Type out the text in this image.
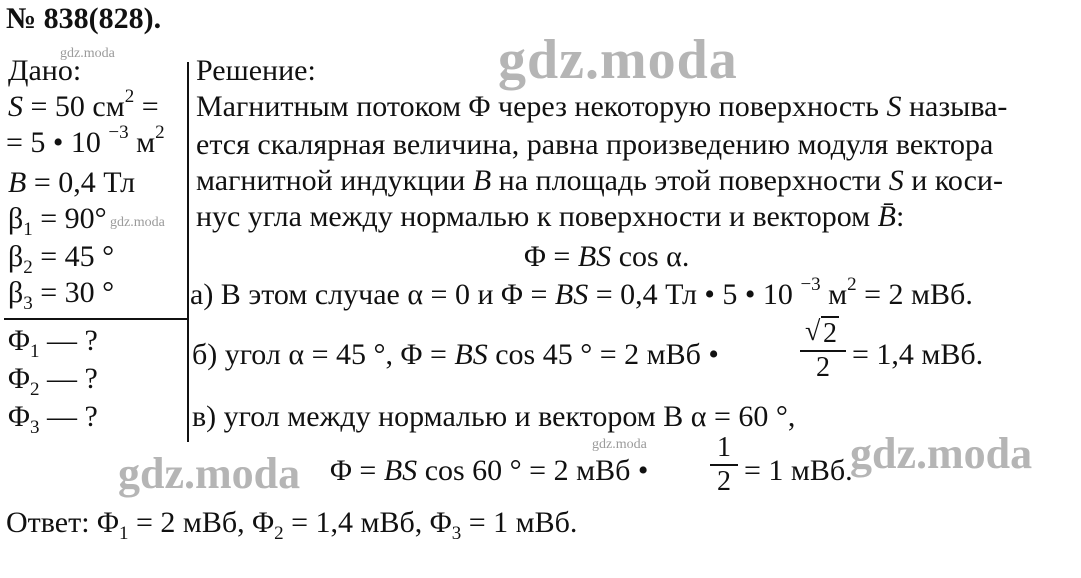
gdz.moda
gdz.moda	gdz.moda
gdz.moda
gdz.moda
gdz.moda
№ 838(828).
Дано:
S = 50 $см^2$ =
= 5 • 10 $^{-3}$ $м^2$
B = 0,4 Тл
$\beta_1 = 90^\circ$
$\beta_2 = 45$ °
$\beta_3 = 30$ °
$\Phi_1$ — ?
$\Phi_2$ — ?
$\Phi_3$ — ?
Решение:
Магнитным потоком Φ через некоторую поверхность S называ-
ется скалярная величина, равна произведению модуля вектора
магнитной индукции B на площадь этой поверхности S и коси-
нус угла между нормалью к поверхности и вектором B̄:
Φ = BS cos α.
а) В этом случае α = 0 и Φ = BS = 0,4 Тл • 5 • 10 $^{-3}$ $м^2 = 2$ мВб.
б) угол α = 45 °, Φ = BS cos 45 ° = 2 мВб •
√ 2
2 = 1,4 мВб.
в) угол между нормалью и вектором В α = 60 °,
Φ = BS cos 60 ° = 2 мВб •
1
2 = 1 мВб.
Ответ: $\Phi_1 = 2$ мВб, $\Phi_2 = 1,4$ мВб, $\Phi_3 = 1$ мВб.
